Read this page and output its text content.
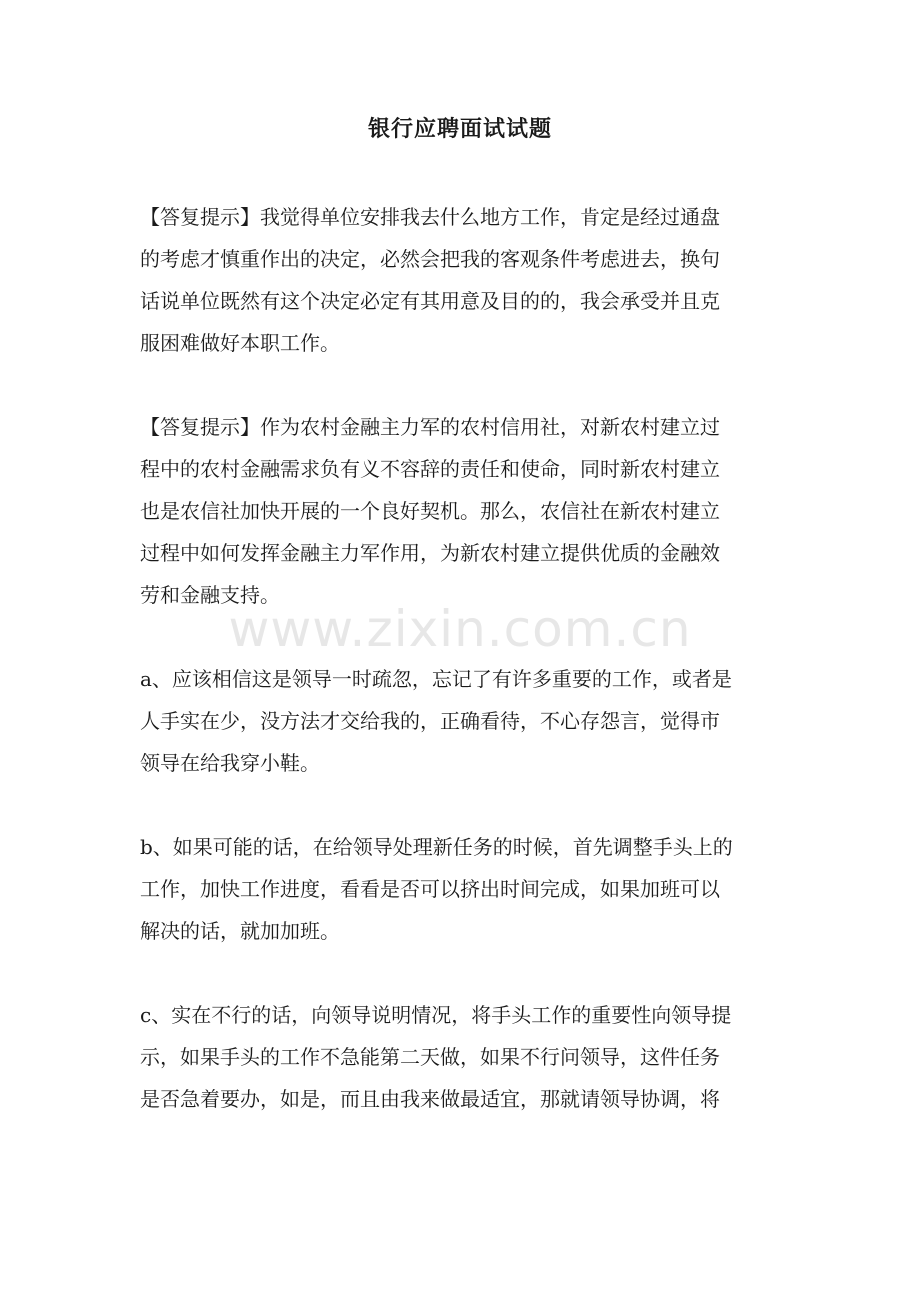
银行应聘面试试题
www.zixin.com.cn

【答复提示】我觉得单位安排我去什么地方工作，肯定是经过通盘
的考虑才慎重作出的决定，必然会把我的客观条件考虑进去，换句
话说单位既然有这个决定必定有其用意及目的的，我会承受并且克
服困难做好本职工作。

【答复提示】作为农村金融主力军的农村信用社，对新农村建立过
程中的农村金融需求负有义不容辞的责任和使命，同时新农村建立
也是农信社加快开展的一个良好契机。那么，农信社在新农村建立
过程中如何发挥金融主力军作用，为新农村建立提供优质的金融效
劳和金融支持。

a、应该相信这是领导一时疏忽，忘记了有许多重要的工作，或者是
人手实在少，没方法才交给我的，正确看待，不心存怨言，觉得市
领导在给我穿小鞋。

b、如果可能的话，在给领导处理新任务的时候，首先调整手头上的
工作，加快工作进度，看看是否可以挤出时间完成，如果加班可以
解决的话，就加加班。

c、实在不行的话，向领导说明情况，将手头工作的重要性向领导提
示，如果手头的工作不急能第二天做，如果不行问领导，这件任务
是否急着要办，如是，而且由我来做最适宜，那就请领导协调，将
